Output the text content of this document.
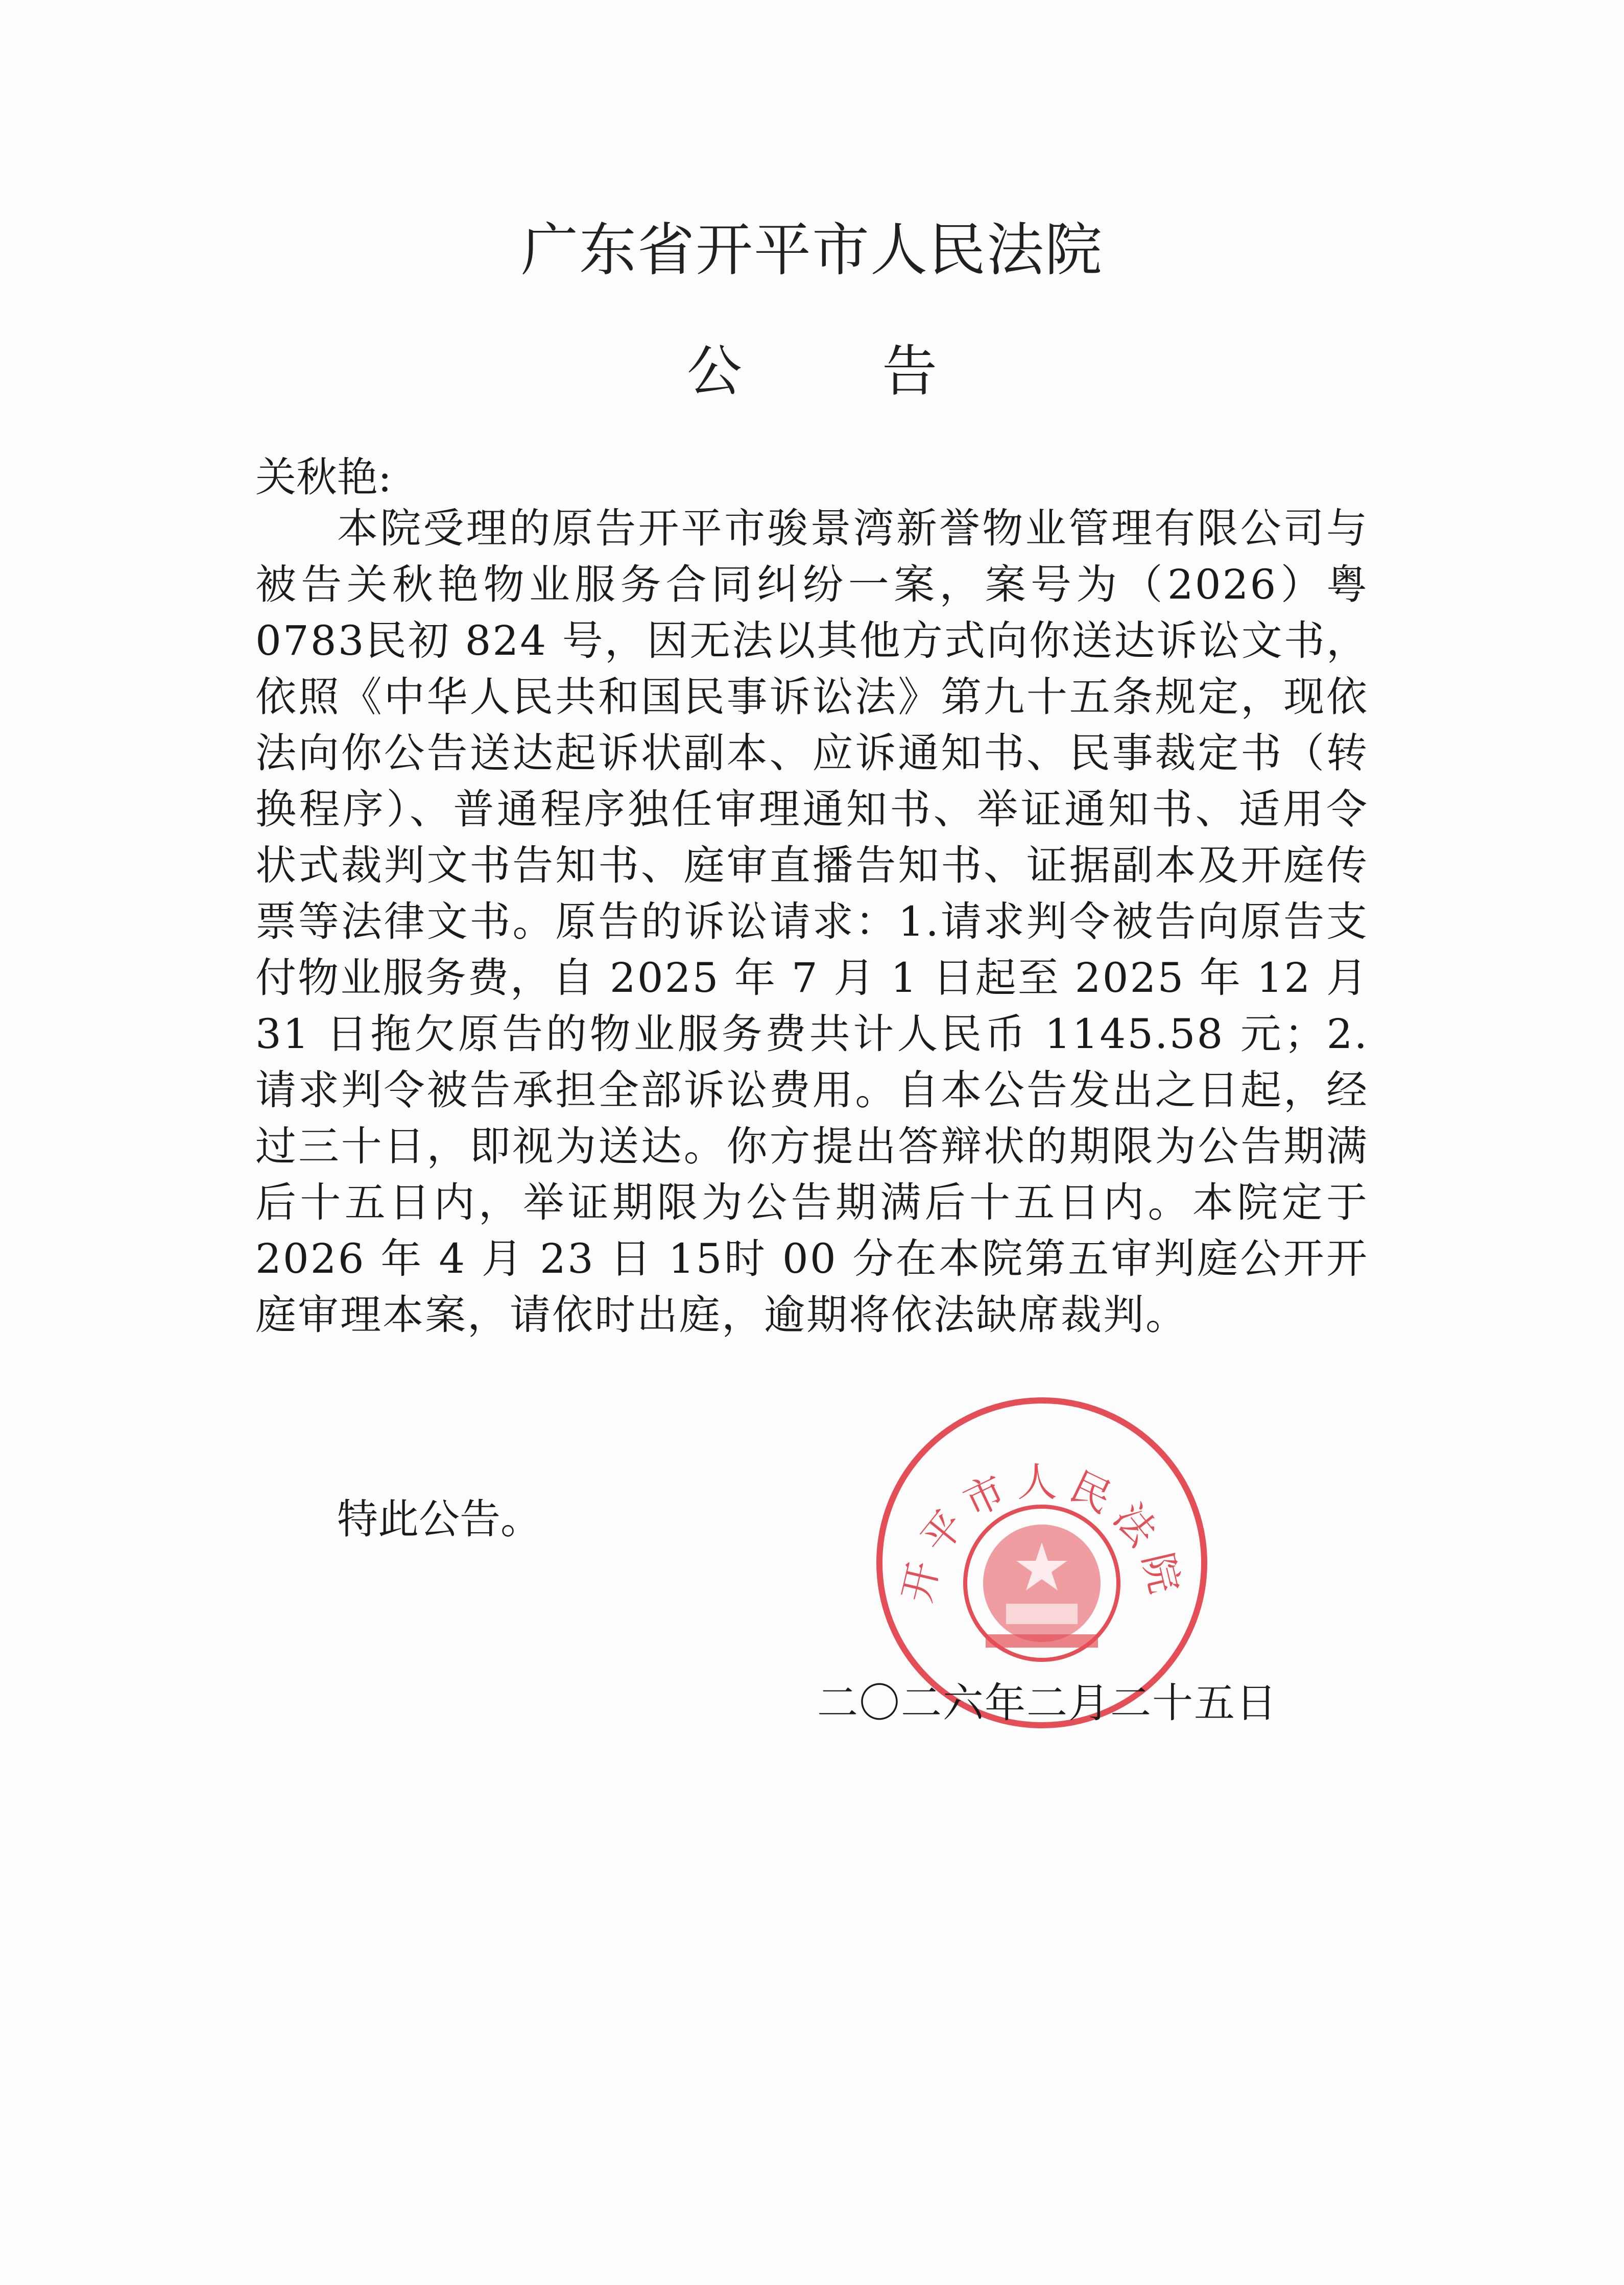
广东省开平市人民法院
公 告
关秋艳:

本院受理的原告开平市骏景湾新誉物业管理有限公司与被告关秋艳物业服务合同纠纷一案，案号为（2026）粤 0783民初 824 号，因无法以其他方式向你送达诉讼文书，依照《中华人民共和国民事诉讼法》第九十五条规定，现依法向你公告送达起诉状副本、应诉通知书、民事裁定书（转换程序）、普通程序独任审理通知书、举证通知书、适用令状式裁判文书告知书、庭审直播告知书、证据副本及开庭传票等法律文书。原告的诉讼请求：1.请求判令被告向原告支付物业服务费，自 2025 年 7 月 1 日起至 2025 年 12 月 31 日拖欠原告的物业服务费共计人民币 1145.58 元；2.请求判令被告承担全部诉讼费用。自本公告发出之日起，经过三十日，即视为送达。你方提出答辩状的期限为公告期满后十五日内，举证期限为公告期满后十五日内。本院定于 2026 年 4 月 23 日 15时 00 分在本院第五审判庭公开开庭审理本案，请依时出庭，逾期将依法缺席裁判。

特此公告。
开平市人民法院
二〇二六年二月二十五日
